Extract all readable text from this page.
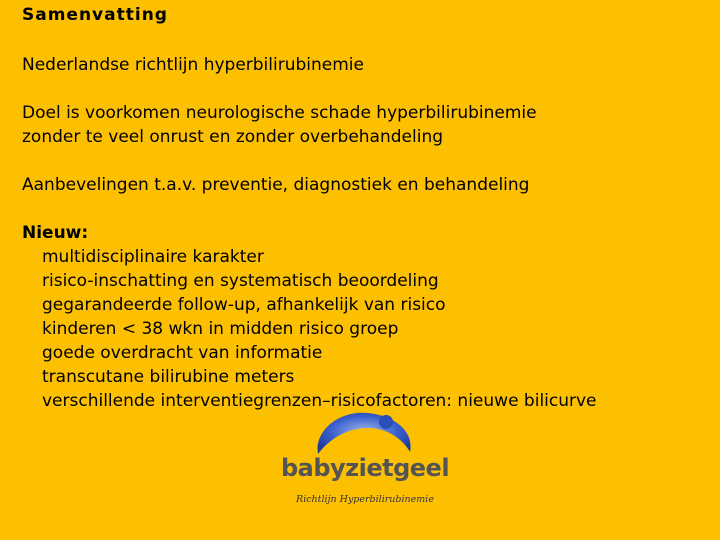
Samenvatting
Nederlandse richtlijn hyperbilirubinemie
Doel is voorkomen neurologische schade hyperbilirubinemie
zonder te veel onrust en zonder overbehandeling
Aanbevelingen t.a.v. preventie, diagnostiek en behandeling
Nieuw:
multidisciplinaire karakter
risico-inschatting en systematisch beoordeling
gegarandeerde follow-up, afhankelijk van risico
kinderen < 38 wkn in midden risico groep
goede overdracht van informatie
transcutane bilirubine meters
verschillende interventiegrenzen–risicofactoren: nieuwe bilicurve
babyzietgeel
Richtlijn Hyperbilirubinemie
